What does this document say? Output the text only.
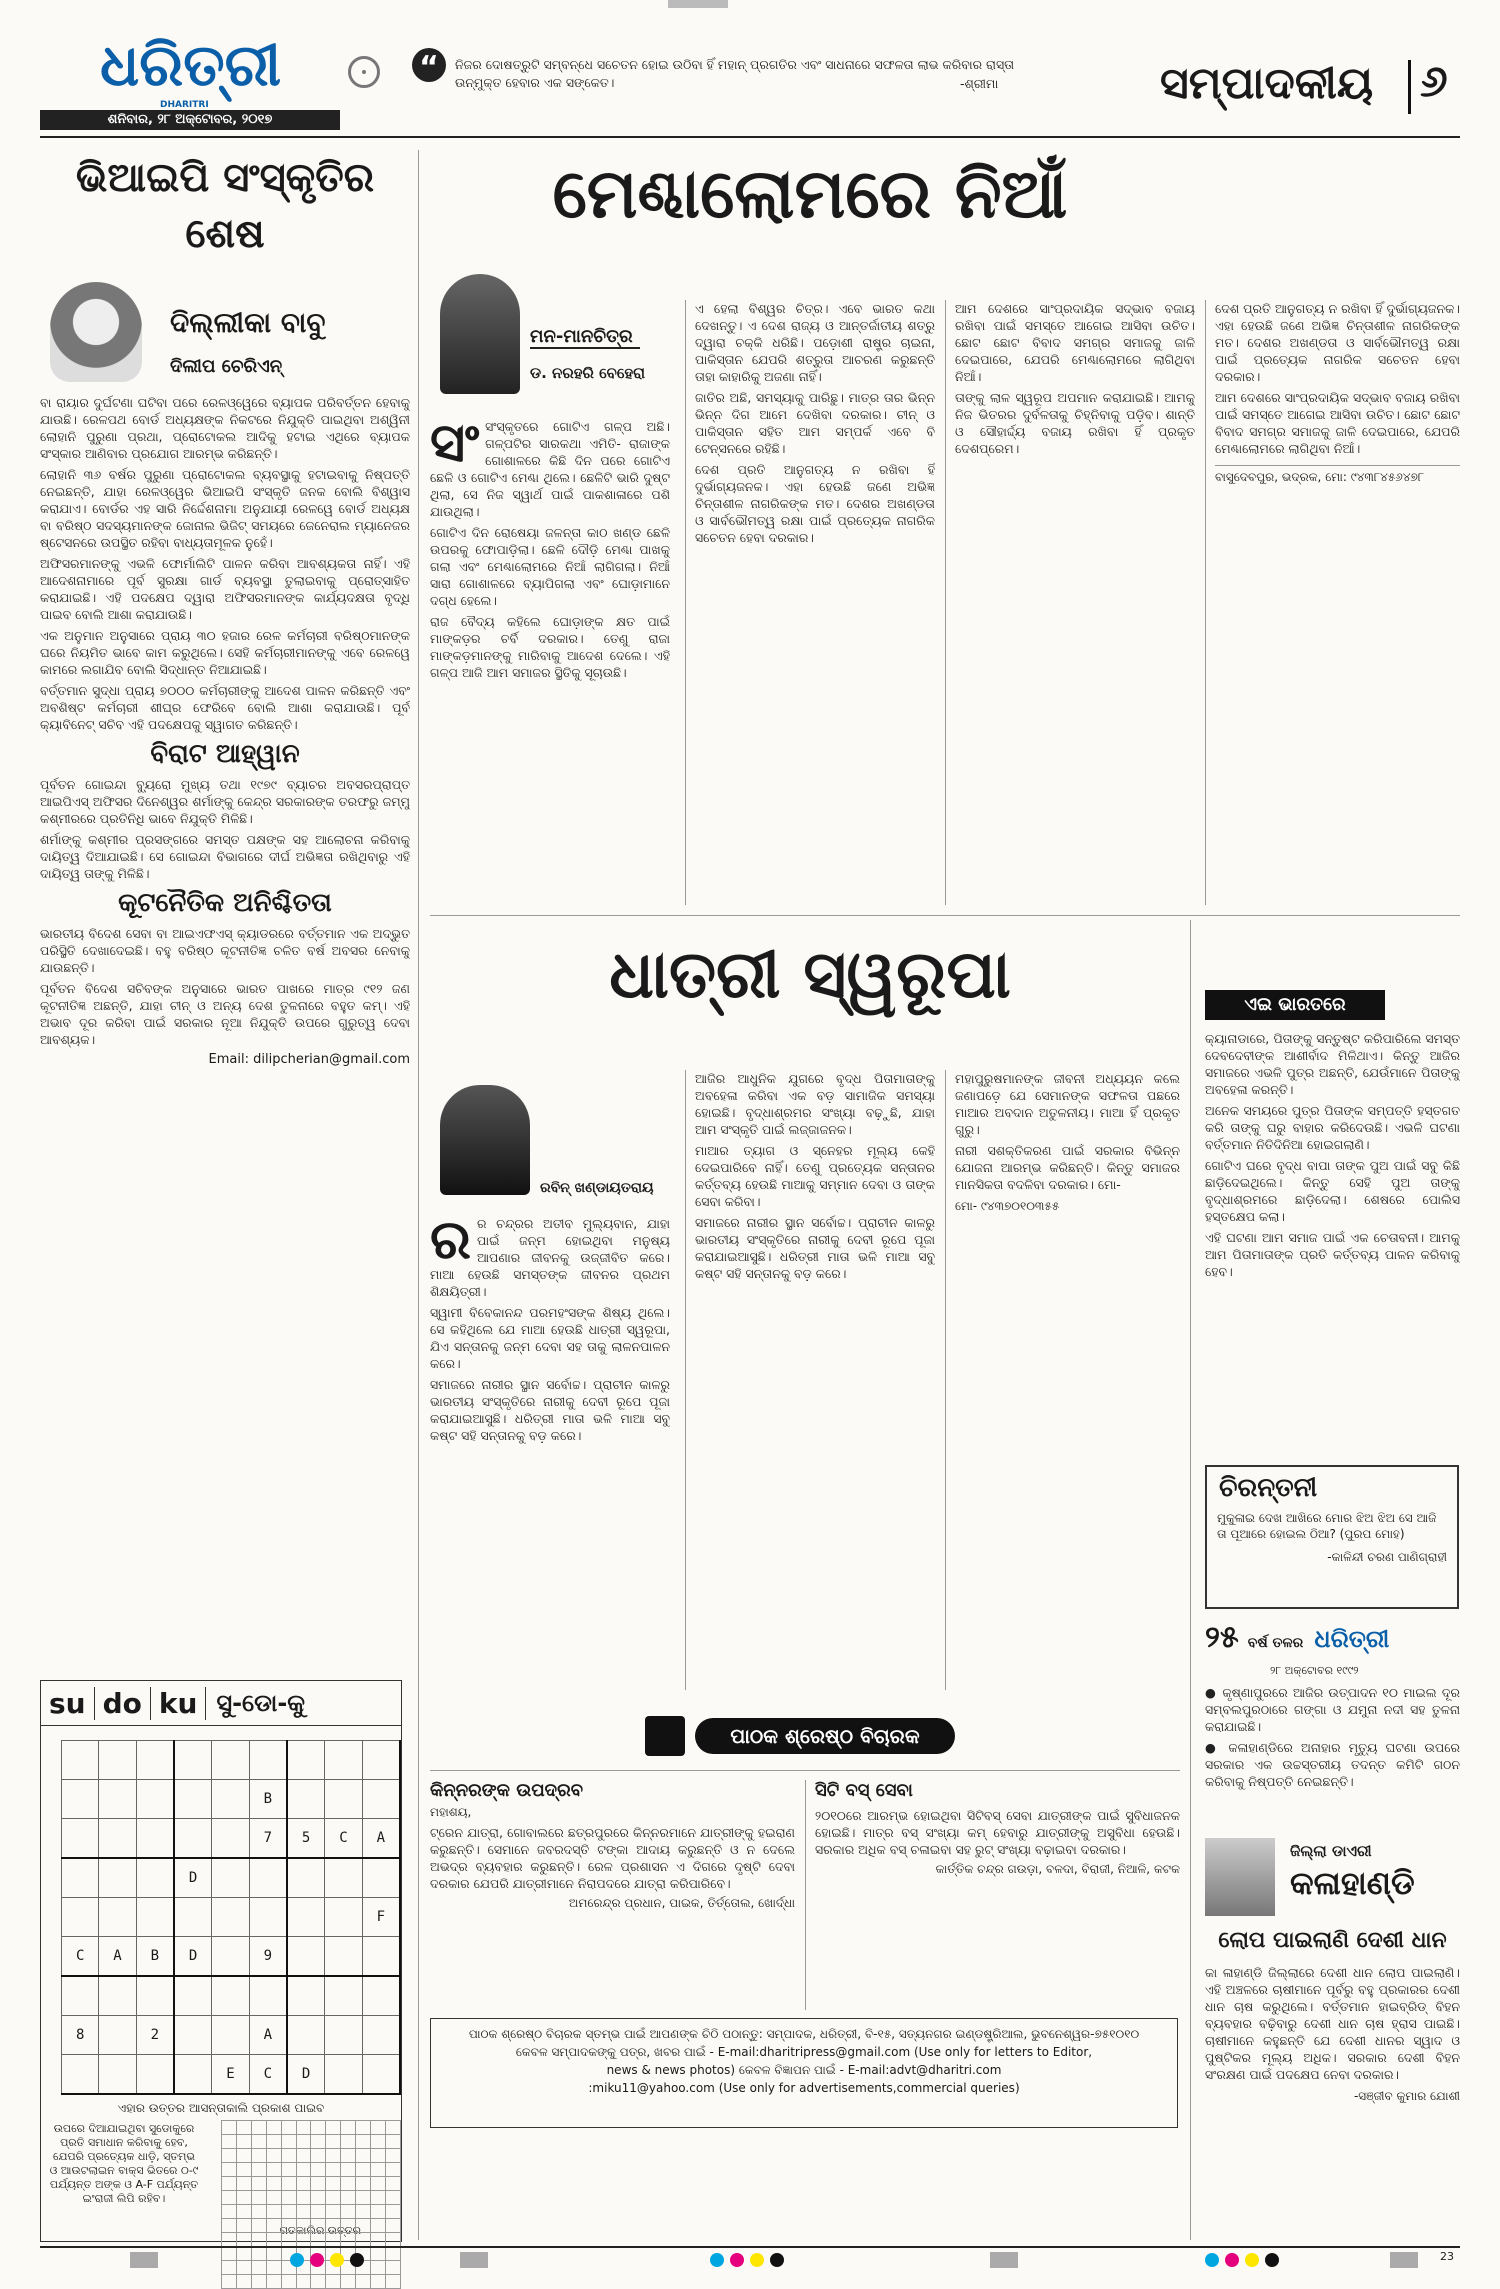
ଧରିତ୍ରୀ
DHARITRI
ଶନିବାର, ୨୮ ଅକ୍ଟୋବର, ୨୦୧୭
“	ନିଜର ଦୋଷତ୍ରୁଟି ସମ୍ବନ୍ଧେ ସଚେତନ ହୋଇ ଉଠିବା ହିଁ ମହାନ୍ ପ୍ରଗତିର ଏବଂ ସାଧନାରେ ସଫଳତା ଲାଭ କରିବାର ରାସ୍ତା ଉନ୍ମୁକ୍ତ ହେବାର ଏକ ସଙ୍କେତ।	-ଶ୍ରୀମା	ସମ୍ପାଦକୀୟ ୬
ଭିଆଇପି ସଂସ୍କୃତିର ଶେଷ
ଦିଲ୍ଲୀକା ବାବୁ
ଦିଲୀପ ଚେରିଏନ୍

ବା ରାୟାର ଦୁର୍ଘଟଣା ଘଟିବା ପରେ ରେଳଓ୍ୱେରେ ବ୍ୟାପକ ପରିବର୍ତ୍ତନ ହେବାକୁ ଯାଉଛି। ରେଳପଥ ବୋର୍ଡ ଅଧ୍ୟକ୍ଷଙ୍କ ନିକଟରେ ନିଯୁକ୍ତି ପାଇଥିବା ଅଶ୍ୱିନୀ ଲୋହାନି ପୁରୁଣା ପ୍ରଥା, ପ୍ରୋଟୋକଲ ଆଦିକୁ ହଟାଇ ଏଥିରେ ବ୍ୟାପକ ସଂସ୍କାର ଆଣିବାର ପ୍ରଯୋଗ ଆରମ୍ଭ କରିଛନ୍ତି।

ଲୋହାନି ୩୬ ବର୍ଷର ପୁରୁଣା ପ୍ରୋଟୋକଲ ବ୍ୟବସ୍ଥାକୁ ହଟାଇବାକୁ ନିଷ୍ପତ୍ତି ନେଇଛନ୍ତି, ଯାହା ରେଳଓ୍ୱେର ଭିଆଇପି ସଂସ୍କୃତି ଜନକ ବୋଲି ବିଶ୍ୱାସ କରାଯାଏ। ବୋର୍ଡର ଏହ ସାରି ନିର୍ଦ୍ଦେଶନାମା ଅନୁଯାୟୀ ରେଳୱେ ବୋର୍ଡ ଅଧ୍ୟକ୍ଷ ବା ବରିଷ୍ଠ ସଦସ୍ୟମାନଙ୍କ ଜୋନାଲ ଭିଜିଟ୍ ସମୟରେ ଜେନେରାଲ ମ୍ୟାନେଜର ଷ୍ଟେସନରେ ଉପସ୍ଥିତ ରହିବା ବାଧ୍ୟତାମୂଳକ ନୁହେଁ।

ଅଫିସରମାନଙ୍କୁ ଏଭଳି ଫୋର୍ମାଲିଟି ପାଳନ କରିବା ଆବଶ୍ୟକତା ନାହିଁ। ଏହି ଆଦେଶନାମାରେ ପୂର୍ବ ସୁରକ୍ଷା ଗାର୍ଡ ବ୍ୟବସ୍ଥା ତୁଲାଇବାକୁ ପ୍ରୋତ୍ସାହିତ କରାଯାଇଛି। ଏହି ପଦକ୍ଷେପ ଦ୍ୱାରା ଅଫିସରମାନଙ୍କ କାର୍ଯ୍ୟଦକ୍ଷତା ବୃଦ୍ଧି ପାଇବ ବୋଲି ଆଶା କରାଯାଉଛି।

ଏକ ଅନୁମାନ ଅନୁସାରେ ପ୍ରାୟ ୩୦ ହଜାର ରେଳ କର୍ମଚାରୀ ବରିଷ୍ଠମାନଙ୍କ ଘରେ ନିୟମିତ ଭାବେ କାମ କରୁଥିଲେ। ସେହି କର୍ମଚାରୀମାନଙ୍କୁ ଏବେ ରେଳୱେ କାମରେ ଲଗାଯିବ ବୋଲି ସିଦ୍ଧାନ୍ତ ନିଆଯାଇଛି।

ବର୍ତ୍ତମାନ ସୁଦ୍ଧା ପ୍ରାୟ ୭୦୦୦ କର୍ମଚାରୀଙ୍କୁ ଆଦେଶ ପାଳନ କରିଛନ୍ତି ଏବଂ ଅବଶିଷ୍ଟ କର୍ମଚାରୀ ଶୀଘ୍ର ଫେରିବେ ବୋଲି ଆଶା କରାଯାଉଛି। ପୂର୍ବ କ୍ୟାବିନେଟ୍ ସଚିବ ଏହି ପଦକ୍ଷେପକୁ ସ୍ୱାଗତ କରିଛନ୍ତି।

ବିରାଟ ଆହ୍ୱାନ

ପୂର୍ବତନ ଗୋଇନ୍ଦା ବ୍ୟୁରୋ ମୁଖ୍ୟ ତଥା ୧୯୭୯ ବ୍ୟାଚର ଅବସରପ୍ରାପ୍ତ ଆଇପିଏସ୍ ଅଫିସର ଦିନେଶ୍ୱର ଶର୍ମାଙ୍କୁ କେନ୍ଦ୍ର ସରକାରଙ୍କ ତରଫରୁ ଜମ୍ମୁ କଶ୍ମୀରରେ ପ୍ରତିନିଧି ଭାବେ ନିଯୁକ୍ତି ମିଳିଛି।

ଶର୍ମାଙ୍କୁ କଶ୍ମୀର ପ୍ରସଙ୍ଗରେ ସମସ୍ତ ପକ୍ଷଙ୍କ ସହ ଆଲୋଚନା କରିବାକୁ ଦାୟିତ୍ୱ ଦିଆଯାଇଛି। ସେ ଗୋଇନ୍ଦା ବିଭାଗରେ ଦୀର୍ଘ ଅଭିଜ୍ଞତା ରଖିଥିବାରୁ ଏହି ଦାୟିତ୍ୱ ତାଙ୍କୁ ମିଳିଛି।

କୂଟନୈତିକ ଅନିଶ୍ଚିତତା

ଭାରତୀୟ ବିଦେଶ ସେବା ବା ଆଇଏଫଏସ୍ କ୍ୟାଡରରେ ବର୍ତ୍ତମାନ ଏକ ଅଦ୍ଭୁତ ପରିସ୍ଥିତି ଦେଖାଦେଇଛି। ବହୁ ବରିଷ୍ଠ କୂଟନୀତିଜ୍ଞ ଚଳିତ ବର୍ଷ ଅବସର ନେବାକୁ ଯାଉଛନ୍ତି।

ପୂର୍ବତନ ବିଦେଶ ସଚିବଙ୍କ ଅନୁସାରେ ଭାରତ ପାଖରେ ମାତ୍ର ୯୧୨ ଜଣ କୂଟନୀତିଜ୍ଞ ଅଛନ୍ତି, ଯାହା ଚୀନ୍ ଓ ଅନ୍ୟ ଦେଶ ତୁଳନାରେ ବହୁତ କମ୍। ଏହି ଅଭାବ ଦୂର କରିବା ପାଇଁ ସରକାର ନୂଆ ନିଯୁକ୍ତି ଉପରେ ଗୁରୁତ୍ୱ ଦେବା ଆବଶ୍ୟକ।

Email: dilipcherian@gmail.com
su do ku ସୁ-ଡୋ-କୁ

					B			
					7	5	C	A
			D					
								F
C	A	B	D		9			

8		2			A			
				E	C	D		
ଏହାର ଉତ୍ତର ଆସନ୍ତାକାଲି ପ୍ରକାଶ ପାଇବ
ଉପରେ ଦିଆଯାଇଥିବା ସୁଡୋକୁରେ ପ୍ରତି ସମାଧାନ କରିବାକୁ ହେବ, ଯେପରି ପ୍ରତ୍ୟେକ ଧାଡ଼ି, ସ୍ତମ୍ଭ ଓ ଆଉଟଲାଇନ ବାକ୍ସ ଭିତରେ ୦-୯ ପର୍ଯ୍ୟନ୍ତ ଅଙ୍କ ଓ A-F ପର୍ଯ୍ୟନ୍ତ ଇଂରାଜୀ ଲିପି ରହିବ।

ଗତକାଲିର ଉତ୍ତର
ମେଣ୍ଢାଲୋମରେ ନିଆଁ
ମନ-ମାନଚିତ୍ର
ଡ. ନରହରି ବେହେରା
ସଂ ସଂସ୍କୃତରେ ଗୋଟିଏ ଗଳ୍ପ ଅଛି। ଗଳ୍ପଟିର ସାରକଥା ଏମିତି- ରାଜାଙ୍କ ଗୋଶାଳରେ କିଛି ଦିନ ପରେ ଗୋଟିଏ ଛେଳି ଓ ଗୋଟିଏ ମେଣ୍ଢା ଥିଲେ। ଛେଳିଟି ଭାରି ଦୁଷ୍ଟ ଥିଲା, ସେ ନିଜ ସ୍ୱାର୍ଥ ପାଇଁ ପାକଶାଳାରେ ପଶି ଯାଉଥିଲା।

ଗୋଟିଏ ଦିନ ରୋଷେୟା ଜଳନ୍ତା କାଠ ଖଣ୍ଡ ଛେଳି ଉପରକୁ ଫୋପାଡ଼ିଲା। ଛେଳି ଦୌଡ଼ି ମେଣ୍ଢା ପାଖକୁ ଗଲା ଏବଂ ମେଣ୍ଢାଲୋମରେ ନିଆଁ ଲାଗିଗଲା। ନିଆଁ ସାରା ଗୋଶାଳରେ ବ୍ୟାପିଗଲା ଏବଂ ଘୋଡ଼ାମାନେ ଦଗ୍ଧ ହେଲେ।

ରାଜ ବୈଦ୍ୟ କହିଲେ ଘୋଡ଼ାଙ୍କ କ୍ଷତ ପାଇଁ ମାଙ୍କଡ଼ର ଚର୍ବି ଦରକାର। ତେଣୁ ରାଜା ମାଙ୍କଡ଼ମାନଙ୍କୁ ମାରିବାକୁ ଆଦେଶ ଦେଲେ। ଏହି ଗଳ୍ପ ଆଜି ଆମ ସମାଜର ସ୍ଥିତିକୁ ସୂଚାଉଛି।

ଏ ହେଲା ବିଶ୍ୱର ଚିତ୍ର। ଏବେ ଭାରତ କଥା ଦେଖନ୍ତୁ। ଏ ଦେଶ ରାଜ୍ୟ ଓ ଆନ୍ତର୍ଜାତୀୟ ଶତ୍ରୁ ଦ୍ୱାରା ଚକ୍କି ଧରିଛି। ପଡ଼ୋଶୀ ରାଷ୍ଟ୍ର ଚାଇନା, ପାକିସ୍ତାନ ଯେପରି ଶତ୍ରୁତା ଆଚରଣ କରୁଛନ୍ତି ତାହା କାହାରିକୁ ଅଜଣା ନାହିଁ।

ଜାତିର ଅଛି, ସମସ୍ୟାକୁ ପାରିଛୁ। ମାତ୍ର ତାର ଭିନ୍ନ ଭିନ୍ନ ଦିଗ ଆମେ ଦେଖିବା ଦରକାର। ଚୀନ୍ ଓ ପାକିସ୍ତାନ ସହିତ ଆମ ସମ୍ପର୍କ ଏବେ ବି ଟେନ୍‌ସନରେ ରହିଛି।

ଦେଶ ପ୍ରତି ଆନୁଗତ୍ୟ ନ ରଖିବା ହିଁ ଦୁର୍ଭାଗ୍ୟଜନକ। ଏହା ହେଉଛି ଜଣେ ଅଭିଜ୍ଞ ଚିନ୍ତାଶୀଳ ନାଗରିକଙ୍କ ମତ। ଦେଶର ଅଖଣ୍ଡତା ଓ ସାର୍ବଭୌମତ୍ୱ ରକ୍ଷା ପାଇଁ ପ୍ରତ୍ୟେକ ନାଗରିକ ସଚେତନ ହେବା ଦରକାର।

ଆମ ଦେଶରେ ସାଂପ୍ରଦାୟିକ ସଦ୍ଭାବ ବଜାୟ ରଖିବା ପାଇଁ ସମସ୍ତେ ଆଗେଇ ଆସିବା ଉଚିତ। ଛୋଟ ଛୋଟ ବିବାଦ ସମଗ୍ର ସମାଜକୁ ଜାଳି ଦେଇପାରେ, ଯେପରି ମେଣ୍ଢାଲୋମରେ ଲାଗିଥିବା ନିଆଁ।

ତାଙ୍କୁ ଲାଳ ସ୍ୱରୂପ ଅପମାନ କରାଯାଇଛି। ଆମକୁ ନିଜ ଭିତରର ଦୁର୍ବଳତାକୁ ଚିହ୍ନିବାକୁ ପଡ଼ିବ। ଶାନ୍ତି ଓ ସୌହାର୍ଦ୍ଦ୍ୟ ବଜାୟ ରଖିବା ହିଁ ପ୍ରକୃତ ଦେଶପ୍ରେମ।

ଦେଶ ପ୍ରତି ଆନୁଗତ୍ୟ ନ ରଖିବା ହିଁ ଦୁର୍ଭାଗ୍ୟଜନକ। ଏହା ହେଉଛି ଜଣେ ଅଭିଜ୍ଞ ଚିନ୍ତାଶୀଳ ନାଗରିକଙ୍କ ମତ। ଦେଶର ଅଖଣ୍ଡତା ଓ ସାର୍ବଭୌମତ୍ୱ ରକ୍ଷା ପାଇଁ ପ୍ରତ୍ୟେକ ନାଗରିକ ସଚେତନ ହେବା ଦରକାର।

ଆମ ଦେଶରେ ସାଂପ୍ରଦାୟିକ ସଦ୍ଭାବ ବଜାୟ ରଖିବା ପାଇଁ ସମସ୍ତେ ଆଗେଇ ଆସିବା ଉଚିତ। ଛୋଟ ଛୋଟ ବିବାଦ ସମଗ୍ର ସମାଜକୁ ଜାଳି ଦେଇପାରେ, ଯେପରି ମେଣ୍ଢାଲୋମରେ ଲାଗିଥିବା ନିଆଁ।

ବାସୁଦେବପୁର, ଭଦ୍ରକ, ମୋ: ୯୪୩୮୪୫୬୪୭୮
ଧାତ୍ରୀ ସ୍ୱରୂପା
ରବିନ୍ ଖଣ୍ଡାୟତରାୟ
ର ର ଚନ୍ଦ୍ରର ଅତୀବ ମୁଲ୍ୟବାନ, ଯାହା ପାଇଁ ଜନ୍ମ ହୋଇଥିବା ମନୁଷ୍ୟ ଆପଣାର ଜୀବନକୁ ଉଜ୍ଜୀବିତ କରେ। ମାଆ ହେଉଛି ସମସ୍ତଙ୍କ ଜୀବନର ପ୍ରଥମ ଶିକ୍ଷୟିତ୍ରୀ।

ସ୍ୱାମୀ ବିବେକାନନ୍ଦ ପରମହଂସଙ୍କ ଶିଷ୍ୟ ଥିଲେ। ସେ କହିଥିଲେ ଯେ ମାଆ ହେଉଛି ଧାତ୍ରୀ ସ୍ୱରୂପା, ଯିଏ ସନ୍ତାନକୁ ଜନ୍ମ ଦେବା ସହ ତାକୁ ଲାଳନପାଳନ କରେ।

ସମାଜରେ ନାରୀର ସ୍ଥାନ ସର୍ବୋଚ୍ଚ। ପ୍ରାଚୀନ କାଳରୁ ଭାରତୀୟ ସଂସ୍କୃତିରେ ନାରୀକୁ ଦେବୀ ରୂପେ ପୂଜା କରାଯାଇଆସୁଛି। ଧରିତ୍ରୀ ମାତା ଭଳି ମାଆ ସବୁ କଷ୍ଟ ସହି ସନ୍ତାନକୁ ବଡ଼ କରେ।

ଆଜିର ଆଧୁନିକ ଯୁଗରେ ବୃଦ୍ଧ ପିତାମାତାଙ୍କୁ ଅବହେଳା କରିବା ଏକ ବଡ଼ ସାମାଜିକ ସମସ୍ୟା ହୋଇଛି। ବୃଦ୍ଧାଶ୍ରମର ସଂଖ୍ୟା ବଢ଼ୁଛି, ଯାହା ଆମ ସଂସ୍କୃତି ପାଇଁ ଲଜ୍ଜାଜନକ।

ମାଆର ତ୍ୟାଗ ଓ ସ୍ନେହର ମୂଲ୍ୟ କେହି ଦେଇପାରିବେ ନାହିଁ। ତେଣୁ ପ୍ରତ୍ୟେକ ସନ୍ତାନର କର୍ତ୍ତବ୍ୟ ହେଉଛି ମାଆକୁ ସମ୍ମାନ ଦେବା ଓ ତାଙ୍କ ସେବା କରିବା।

ସମାଜରେ ନାରୀର ସ୍ଥାନ ସର୍ବୋଚ୍ଚ। ପ୍ରାଚୀନ କାଳରୁ ଭାରତୀୟ ସଂସ୍କୃତିରେ ନାରୀକୁ ଦେବୀ ରୂପେ ପୂଜା କରାଯାଇଆସୁଛି। ଧରିତ୍ରୀ ମାତା ଭଳି ମାଆ ସବୁ କଷ୍ଟ ସହି ସନ୍ତାନକୁ ବଡ଼ କରେ।

ମହାପୁରୁଷମାନଙ୍କ ଜୀବନୀ ଅଧ୍ୟୟନ କଲେ ଜଣାପଡ଼େ ଯେ ସେମାନଙ୍କ ସଫଳତା ପଛରେ ମାଆର ଅବଦାନ ଅତୁଳନୀୟ। ମାଆ ହିଁ ପ୍ରକୃତ ଗୁରୁ।

ନାରୀ ସଶକ୍ତିକରଣ ପାଇଁ ସରକାର ବିଭିନ୍ନ ଯୋଜନା ଆରମ୍ଭ କରିଛନ୍ତି। କିନ୍ତୁ ସମାଜର ମାନସିକତା ବଦଳିବା ଦରକାର। ମୋ-

ମୋ- ୯୪୩୭୦୧୦୩୫୫
ଏଇ ଭାରତରେ

କ୍ୟାନାଡାରେ, ପିତାଙ୍କୁ ସନ୍ତୁଷ୍ଟ କରିପାରିଲେ ସମସ୍ତ ଦେବଦେବୀଙ୍କ ଆଶୀର୍ବାଦ ମିଳିଥାଏ। କିନ୍ତୁ ଆଜିର ସମାଜରେ ଏଭଳି ପୁତ୍ର ଅଛନ୍ତି, ଯେଉଁମାନେ ପିତାଙ୍କୁ ଅବହେଳା କରନ୍ତି।

ଅନେକ ସମୟରେ ପୁତ୍ର ପିତାଙ୍କ ସମ୍ପତ୍ତି ହସ୍ତଗତ କରି ତାଙ୍କୁ ଘରୁ ବାହାର କରିଦେଉଛି। ଏଭଳି ଘଟଣା ବର୍ତ୍ତମାନ ନିତିଦିନିଆ ହୋଇଗଲାଣି।

ଗୋଟିଏ ଘରେ ବୃଦ୍ଧ ବାପା ତାଙ୍କ ପୁଅ ପାଇଁ ସବୁ କିଛି ଛାଡ଼ିଦେଇଥିଲେ। କିନ୍ତୁ ସେହି ପୁଅ ତାଙ୍କୁ ବୃଦ୍ଧାଶ୍ରମରେ ଛାଡ଼ିଦେଲା। ଶେଷରେ ପୋଲିସ ହସ୍ତକ୍ଷେପ କଲା।

ଏହି ଘଟଣା ଆମ ସମାଜ ପାଇଁ ଏକ ଚେତାବନୀ। ଆମକୁ ଆମ ପିତାମାତାଙ୍କ ପ୍ରତି କର୍ତ୍ତବ୍ୟ ପାଳନ କରିବାକୁ ହେବ।

ଚିରନ୍ତନୀ
ମୁକୁଳାଇ ଦେଖ ଆଖିରେ ମୋର ଝିଅ ଝିଅ ସେ ଆଜି ତା ପୂଆରେ ହୋଇଲ ଠିଆ? (ପୁରପ ମୋହ)
-କାଳିନ୍ଦୀ ଚରଣ ପାଣିଗ୍ରାହୀ
୨୫ ବର୍ଷ ତଳର ଧରିତ୍ରୀ
୨୮ ଅକ୍ଟୋବର ୧୯୯୨

● କୃଷ୍ଣାପୁରରେ ଆଜିର ଉତ୍ପାଦନ ୧୦ ମାଇଲ ଦୂର ସମ୍ବଲପୁରଠାରେ ଗଙ୍ଗା ଓ ଯମୁନା ନଦୀ ସହ ତୁଳନା କରାଯାଇଛି।

● କଳାହାଣ୍ଡିରେ ଅନାହାର ମୃତ୍ୟୁ ଘଟଣା ଉପରେ ସରକାର ଏକ ଉଚ୍ଚସ୍ତରୀୟ ତଦନ୍ତ କମିଟି ଗଠନ କରିବାକୁ ନିଷ୍ପତ୍ତି ନେଇଛନ୍ତି।

ଜିଲ୍ଲା ଡାଏରୀ
କଳାହାଣ୍ଡି
ଲୋପ ପାଇଲାଣି ଦେଶୀ ଧାନ

କା ଳାହାଣ୍ଡି ଜିଲ୍ଲାରେ ଦେଶୀ ଧାନ ଲୋପ ପାଇଲାଣି। ଏହି ଅଞ୍ଚଳରେ ଚାଷୀମାନେ ପୂର୍ବରୁ ବହୁ ପ୍ରକାରର ଦେଶୀ ଧାନ ଚାଷ କରୁଥିଲେ। ବର୍ତ୍ତମାନ ହାଇବ୍ରିଡ୍ ବିହନ ବ୍ୟବହାର ବଢ଼ିବାରୁ ଦେଶୀ ଧାନ ଚାଷ ହ୍ରାସ ପାଇଛି। ଚାଷୀମାନେ କହୁଛନ୍ତି ଯେ ଦେଶୀ ଧାନର ସ୍ୱାଦ ଓ ପୁଷ୍ଟିକର ମୂଲ୍ୟ ଅଧିକ। ସରକାର ଦେଶୀ ବିହନ ସଂରକ୍ଷଣ ପାଇଁ ପଦକ୍ଷେପ ନେବା ଦରକାର।

-ସଞ୍ଜୀବ କୁମାର ଯୋଶୀ
ପାଠକ ଶ୍ରେଷ୍ଠ ବିଚାରକ
କିନ୍ନରଙ୍କ ଉପଦ୍ରବ
ମହାଶୟ,

ଟ୍ରେନ ଯାତ୍ରା, ଗୋବାଲରେ ଛତ୍ରପୁରରେ କିନ୍ନରମାନେ ଯାତ୍ରୀଙ୍କୁ ହଇରାଣ କରୁଛନ୍ତି। ସେମାନେ ଜବରଦସ୍ତି ଟଙ୍କା ଆଦାୟ କରୁଛନ୍ତି ଓ ନ ଦେଲେ ଅଭଦ୍ର ବ୍ୟବହାର କରୁଛନ୍ତି। ରେଳ ପ୍ରଶାସନ ଏ ଦିଗରେ ଦୃଷ୍ଟି ଦେବା ଦରକାର ଯେପରି ଯାତ୍ରୀମାନେ ନିରାପଦରେ ଯାତ୍ରା କରିପାରିବେ।

ଅମରେନ୍ଦ୍ର ପ୍ରଧାନ, ପାଇକ, ତିର୍ତ୍ତୋଲ, ଖୋର୍ଦ୍ଧା
ସିଟି ବସ୍ ସେବା

୨୦୧୦ରେ ଆରମ୍ଭ ହୋଇଥିବା ସିଟିବସ୍ ସେବା ଯାତ୍ରୀଙ୍କ ପାଇଁ ସୁବିଧାଜନକ ହୋଇଛି। ମାତ୍ର ବସ୍ ସଂଖ୍ୟା କମ୍ ହେବାରୁ ଯାତ୍ରୀଙ୍କୁ ଅସୁବିଧା ହେଉଛି। ସରକାର ଅଧିକ ବସ୍ ଚଳାଇବା ସହ ରୁଟ୍ ସଂଖ୍ୟା ବଢ଼ାଇବା ଦରକାର।

କାର୍ତ୍ତିକ ଚନ୍ଦ୍ର ଗଉଡ଼ା, ବଳଦା, ବିରାଜୀ, ନିଆଳି, କଟକ
ପାଠକ ଶ୍ରେଷ୍ଠ ବିଚାରକ ସ୍ତମ୍ଭ ପାଇଁ ଆପଣଙ୍କ ଚିଠି ପଠାନ୍ତୁ: ସମ୍ପାଦକ, ଧରିତ୍ରୀ, ବି-୧୫, ସତ୍ୟନଗର ଇଣ୍ଡଷ୍ଟ୍ରିଆଲ, ଭୁବନେଶ୍ୱର-୭୫୧୦୧୦
କେବଳ ସମ୍ପାଦକଙ୍କୁ ପତ୍ର, ଖବର ପାଇଁ - E-mail:dharitripress@gmail.com (Use only for letters to Editor,
news & news photos) କେବଳ ବିଜ୍ଞାପନ ପାଇଁ - E-mail:advt@dharitri.com
:miku11@yahoo.com (Use only for advertisements,commercial queries)
23
